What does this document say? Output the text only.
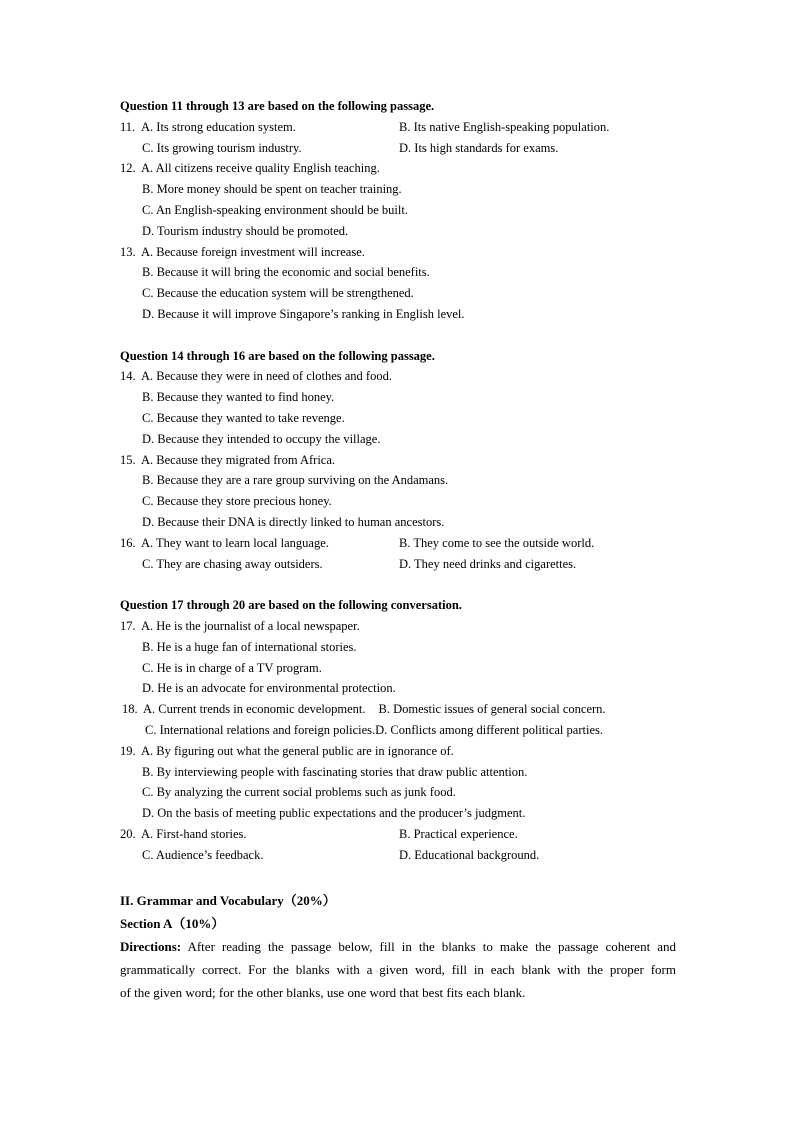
Question 11 through 13 are based on the following passage.
11. A. Its strong education system.	B. Its native English-speaking population.
C. Its growing tourism industry.	D. Its high standards for exams.
12. A. All citizens receive quality English teaching.
B. More money should be spent on teacher training.
C. An English-speaking environment should be built.
D. Tourism industry should be promoted.
13. A. Because foreign investment will increase.
B. Because it will bring the economic and social benefits.
C. Because the education system will be strengthened.
D. Because it will improve Singapore’s ranking in English level.
Question 14 through 16 are based on the following passage.
14. A. Because they were in need of clothes and food.
B. Because they wanted to find honey.
C. Because they wanted to take revenge.
D. Because they intended to occupy the village.
15. A. Because they migrated from Africa.
B. Because they are a rare group surviving on the Andamans.
C. Because they store precious honey.
D. Because their DNA is directly linked to human ancestors.
16. A. They want to learn local language.	B. They come to see the outside world.
C. They are chasing away outsiders.	D. They need drinks and cigarettes.
Question 17 through 20 are based on the following conversation.
17. A. He is the journalist of a local newspaper.
B. He is a huge fan of international stories.
C. He is in charge of a TV program.
D. He is an advocate for environmental protection.
18. A. Current trends in economic development. B. Domestic issues of general social concern.
C. International relations and foreign policies.D. Conflicts among different political parties.
19. A. By figuring out what the general public are in ignorance of.
B. By interviewing people with fascinating stories that draw public attention.
C. By analyzing the current social problems such as junk food.
D. On the basis of meeting public expectations and the producer’s judgment.
20. A. First-hand stories.	B. Practical experience.
C. Audience’s feedback.	D. Educational background.
II. Grammar and Vocabulary（20%）
Section A（10%）
Directions: After reading the passage below, fill in the blanks to make the passage coherent and
grammatically correct. For the blanks with a given word, fill in each blank with the proper form
of the given word; for the other blanks, use one word that best fits each blank.
